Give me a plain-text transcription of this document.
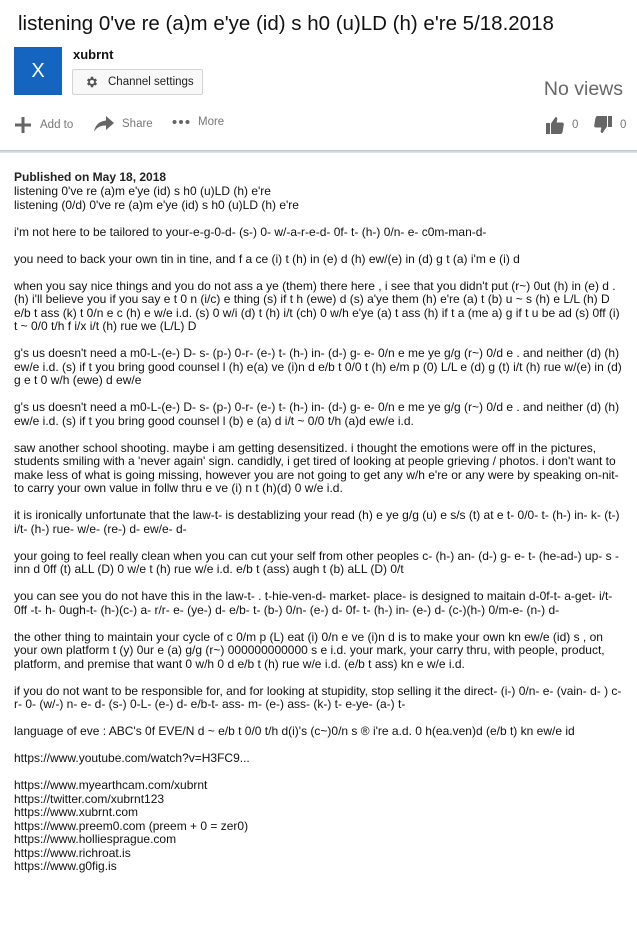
listening 0've re (a)m e'ye (id) s h0 (u)LD (h) e're 5/18.2018
X
xubrnt
Channel settings	No views
Add to	Share	More	0	0
Published on May 18, 2018
listening 0've re (a)m e'ye (id) s h0 (u)LD (h) e're
listening (0/d) 0've re (a)m e'ye (id) s h0 (u)LD (h) e're
i'm not here to be tailored to your-e-g-0-d- (s-) 0- w/-a-r-e-d- 0f- t- (h-) 0/n- e- c0m-man-d-
you need to back your own tin in tine, and f a ce (i) t (h) in (e) d (h) ew/(e) in (d) g t (a) i'm e (i) d
when you say nice things and you do not ass a ye (them) there here , i see that you didn't put (r~) 0ut (h) in (e) d . (h) i'll believe you if you say e t 0 n (i/c) e thing (s) if t h (ewe) d (s) a'ye them (h) e're (a) t (b) u ~ s (h) e L/L (h) D e/b t ass (k) t 0/n e c (h) e w/e i.d. (s) 0 w/i (d) t (h) i/t (ch) 0 w/h e'ye (a) t ass (h) if t a (me a) g if t u be ad (s) 0ff (i) t ~ 0/0 t/h f i/x i/t (h) rue we (L/L) D
g's us doesn't need a m0-L-(e-) D- s- (p-) 0-r- (e-) t- (h-) in- (d-) g- e- 0/n e me ye g/g (r~) 0/d e . and neither (d) (h) ew/e i.d. (s) if t you bring good counsel l (h) e(a) ve (i)n d e/b t 0/0 t (h) e/m p (0) L/L e (d) g (t) i/t (h) rue w/(e) in (d) g e t 0 w/h (ewe) d ew/e
g's us doesn't need a m0-L-(e-) D- s- (p-) 0-r- (e-) t- (h-) in- (d-) g- e- 0/n e me ye g/g (r~) 0/d e . and neither (d) (h) ew/e i.d. (s) if t you bring good counsel l (b) e (a) d i/t ~ 0/0 t/h (a)d ew/e i.d.
saw another school shooting. maybe i am getting desensitized. i thought the emotions were off in the pictures, students smiling with a 'never again' sign. candidly, i get tired of looking at people grieving / photos. i don't want to make less of what is going missing, however you are not going to get any w/h e're or any were by speaking on-nit- to carry your own value in follw thru e ve (i) n t (h)(d) 0 w/e i.d.
it is ironically unfortunate that the law-t- is destablizing your read (h) e ye g/g (u) e s/s (t) at e t- 0/0- t- (h-) in- k- (t-) i/t- (h-) rue- w/e- (re-) d- ew/e- d-
your going to feel really clean when you can cut your self from other peoples c- (h-) an- (d-) g- e- t- (he-ad-) up- s - inn d 0ff (t) aLL (D) 0 w/e t (h) rue w/e i.d. e/b t (ass) augh t (b) aLL (D) 0/t
you can see you do not have this in the law-t- . t-hie-ven-d- market- place- is designed to maitain d-0f-t- a-get- i/t- 0ff -t- h- 0ugh-t- (h-)(c-) a- r/r- e- (ye-) d- e/b- t- (b-) 0/n- (e-) d- 0f- t- (h-) in- (e-) d- (c-)(h-) 0/m-e- (n-) d-
the other thing to maintain your cycle of c 0/m p (L) eat (i) 0/n e ve (i)n d is to make your own kn ew/e (id) s , on your own platform t (y) 0ur e (a) g/g (r~) 000000000000 s e i.d. your mark, your carry thru, with people, product, platform, and premise that want 0 w/h 0 d e/b t (h) rue w/e i.d. (e/b t ass) kn e w/e i.d.
if you do not want to be responsible for, and for looking at stupidity, stop selling it the direct- (i-) 0/n- e- (vain- d- ) c- r- 0- (w/-) n- e- d- (s-) 0-L- (e-) d- e/b-t- ass- m- (e-) ass- (k-) t- e-ye- (a-) t-
language of eve : ABC's 0f EVE/N d ~ e/b t 0/0 t/h d(i)'s (c~)0/n s ® i're a.d. 0 h(ea.ven)d (e/b t) kn ew/e id
https://www.youtube.com/watch?v=H3FC9...
https://www.myearthcam.com/xubrnt
https://twitter.com/xubrnt123
https://www.xubrnt.com
https://www.preem0.com (preem + 0 = zer0)
https://www.holliesprague.com
https://www.richroat.is
https://www.g0fig.is
